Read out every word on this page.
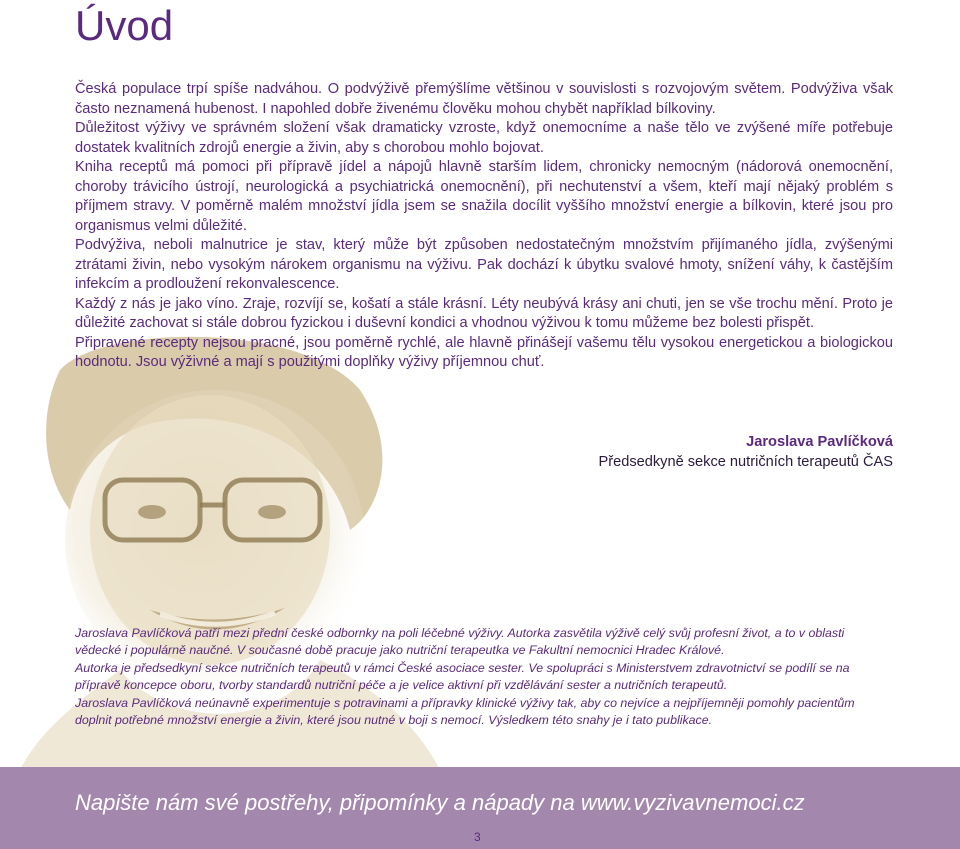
Úvod

Česká populace trpí spíše nadváhou. O podvýživě přemýšlíme většinou v souvislosti s rozvojovým světem. Podvýživa však často neznamená hubenost. I napohled dobře živenému člověku mohou chybět například bílkoviny.

Důležitost výživy ve správném složení však dramaticky vzroste, když onemocníme a naše tělo ve zvýšené míře potřebuje dostatek kvalitních zdrojů energie a živin, aby s chorobou mohlo bojovat.

Kniha receptů má pomoci při přípravě jídel a nápojů hlavně starším lidem, chronicky nemocným (nádorová onemocnění, choroby trávicího ústrojí, neurologická a psychiatrická onemocnění), při nechutenství a všem, kteří mají nějaký problém s příjmem stravy. V poměrně malém množství jídla jsem se snažila docílit vyššího množství energie a bílkovin, které jsou pro organismus velmi důležité.

Podvýživa, neboli malnutrice je stav, který může být způsoben nedostatečným množstvím přijímaného jídla, zvýšenými ztrátami živin, nebo vysokým nárokem organismu na výživu. Pak dochází k úbytku svalové hmoty, snížení váhy, k častějším infekcím a prodloužení rekonvalescence.

Každý z nás je jako víno. Zraje, rozvíjí se, košatí a stále krásní. Léty neubývá krásy ani chuti, jen se vše trochu mění. Proto je důležité zachovat si stále dobrou fyzickou i duševní kondici a vhodnou výživou k tomu můžeme bez bolesti přispět.

Připravené recepty nejsou pracné, jsou poměrně rychlé, ale hlavně přinášejí vašemu tělu vysokou energetickou a biologickou hodnotu. Jsou výživné a mají s použitými doplňky výživy příjemnou chuť.

Jaroslava Pavlíčková
Předsedkyně sekce nutričních terapeutů ČAS

Jaroslava Pavlíčková patří mezi přední české odbornky na poli léčebné výživy. Autorka zasvětila výživě celý svůj profesní život, a to v oblasti vědecké i populárně naučné. V současné době pracuje jako nutriční terapeutka ve Fakultní nemocnici Hradec Králové.

Autorka je předsedkyní sekce nutričních terapeutů v rámci České asociace sester. Ve spolupráci s Ministerstvem zdravotnictví se podílí se na přípravě koncepce oboru, tvorby standardů nutriční péče a je velice aktivní při vzdělávání sester a nutričních terapeutů.

Jaroslava Pavlíčková neúnavně experimentuje s potravinami a přípravky klinické výživy tak, aby co nejvíce a nejpříjemněji pomohly pacientům doplnit potřebné množství energie a živin, které jsou nutné v boji s nemocí. Výsledkem této snahy je i tato publikace.

Napište nám své postřehy, připomínky a nápady na www.vyzivavnemoci.cz

3
